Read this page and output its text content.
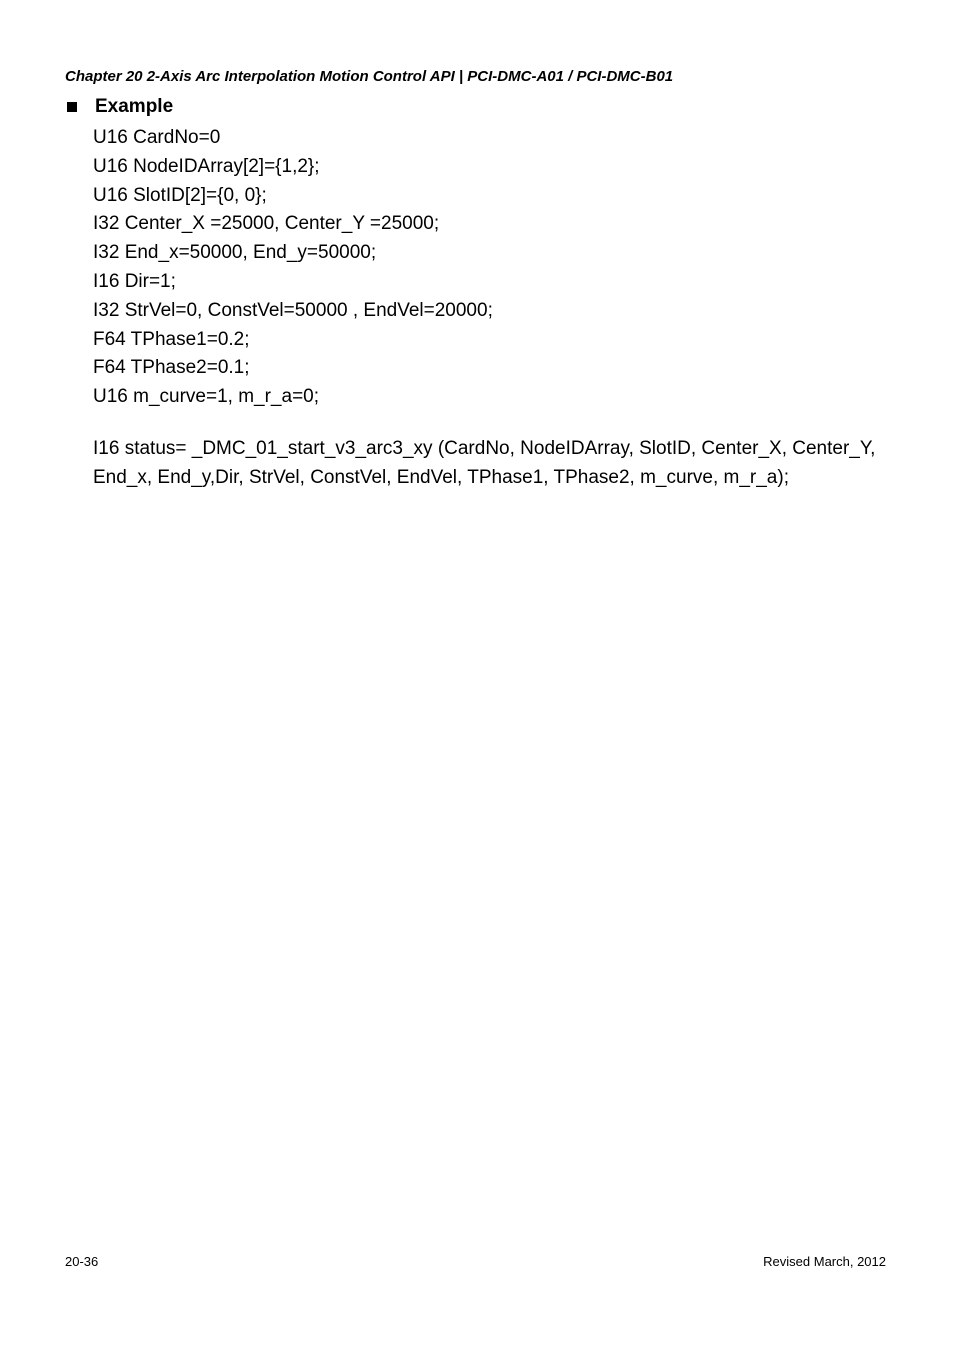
Chapter 20 2-Axis Arc Interpolation Motion Control API | PCI-DMC-A01 / PCI-DMC-B01
Example
U16 CardNo=0
U16 NodeIDArray[2]={1,2};
U16 SlotID[2]={0, 0};
I32 Center_X =25000, Center_Y =25000;
I32 End_x=50000, End_y=50000;
I16 Dir=1;
I32 StrVel=0, ConstVel=50000 , EndVel=20000;
F64 TPhase1=0.2;
F64 TPhase2=0.1;
U16 m_curve=1, m_r_a=0;
I16 status= _DMC_01_start_v3_arc3_xy (CardNo, NodeIDArray, SlotID, Center_X, Center_Y,
End_x, End_y,Dir, StrVel, ConstVel, EndVel, TPhase1, TPhase2, m_curve, m_r_a);
20-36	Revised March, 2012
